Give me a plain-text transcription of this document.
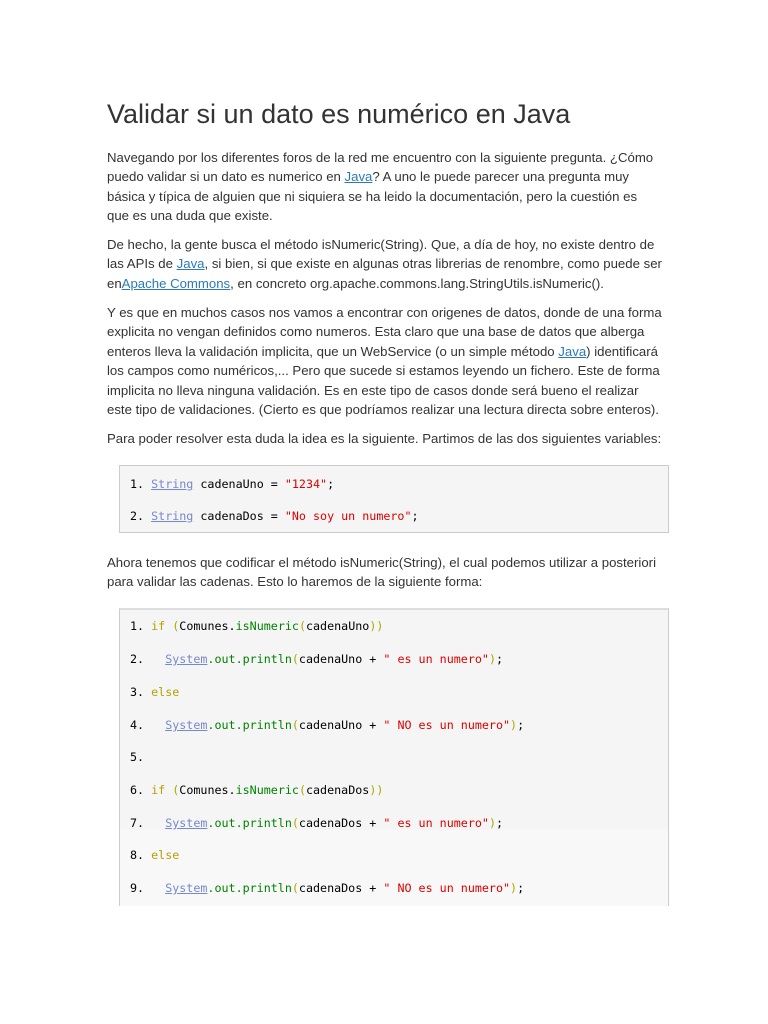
Validar si un dato es numérico en Java

Navegando por los diferentes foros de la red me encuentro con la siguiente pregunta. ¿Cómo
puedo validar si un dato es numerico en Java? A uno le puede parecer una pregunta muy
básica y típica de alguien que ni siquiera se ha leido la documentación, pero la cuestión es
que es una duda que existe.

De hecho, la gente busca el método isNumeric(String). Que, a día de hoy, no existe dentro de
las APIs de Java, si bien, si que existe en algunas otras librerias de renombre, como puede ser
enApache Commons, en concreto org.apache.commons.lang.StringUtils.isNumeric().

Y es que en muchos casos nos vamos a encontrar con origenes de datos, donde de una forma
explicita no vengan definidos como numeros. Esta claro que una base de datos que alberga
enteros lleva la validación implicita, que un WebService (o un simple método Java) identificará
los campos como numéricos,... Pero que sucede si estamos leyendo un fichero. Este de forma
implicita no lleva ninguna validación. Es en este tipo de casos donde será bueno el realizar
este tipo de validaciones. (Cierto es que podríamos realizar una lectura directa sobre enteros).

Para poder resolver esta duda la idea es la siguiente. Partimos de las dos siguientes variables:

1. String cadenaUno = "1234";
2. String cadenaDos = "No soy un numero";

Ahora tenemos que codificar el método isNumeric(String), el cual podemos utilizar a posteriori
para validar las cadenas. Esto lo haremos de la siguiente forma:

1. if (Comunes.isNumeric(cadenaUno))
2.   System.out.println(cadenaUno + " es un numero");
3. else
4.   System.out.println(cadenaUno + " NO es un numero");
5.
6. if (Comunes.isNumeric(cadenaDos))
7.   System.out.println(cadenaDos + " es un numero");
8. else
9.   System.out.println(cadenaDos + " NO es un numero");
